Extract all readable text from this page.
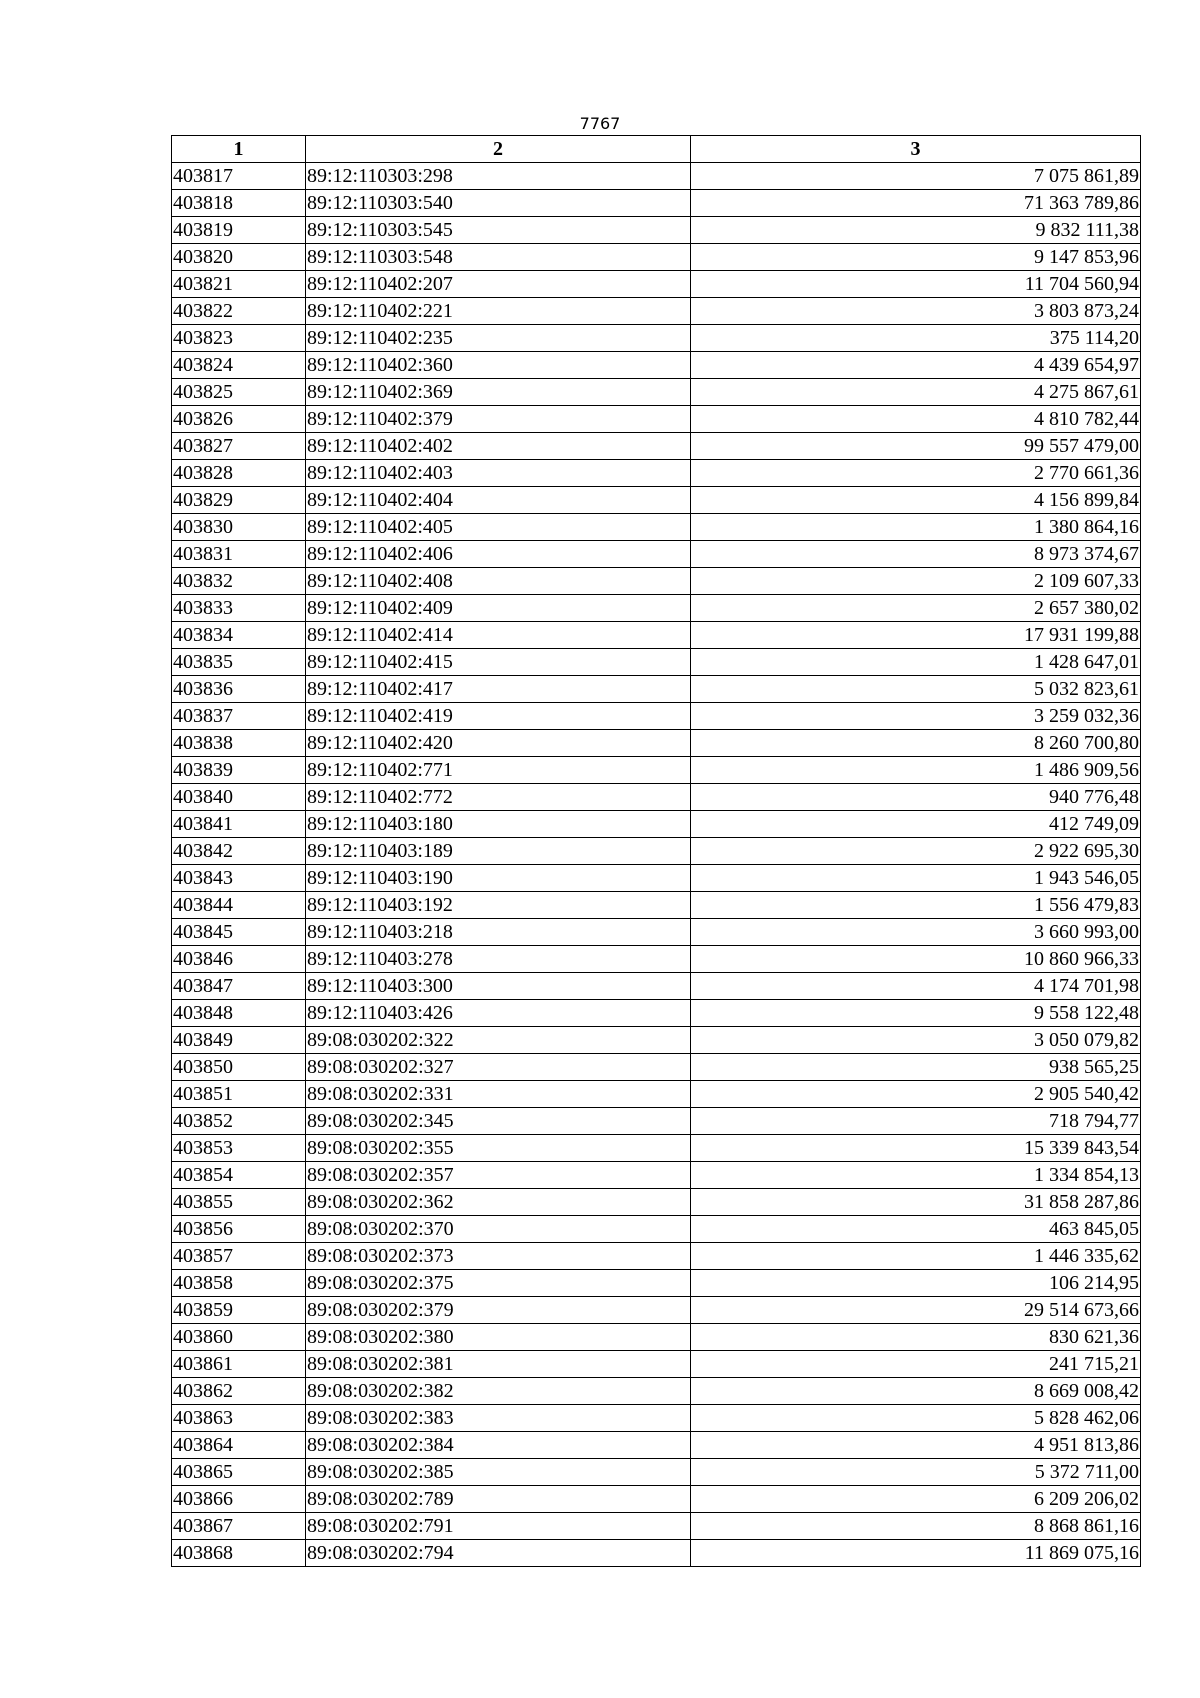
7767
1	2	3
403817	89:12:110303:298	7 075 861,89
403818	89:12:110303:540	71 363 789,86
403819	89:12:110303:545	9 832 111,38
403820	89:12:110303:548	9 147 853,96
403821	89:12:110402:207	11 704 560,94
403822	89:12:110402:221	3 803 873,24
403823	89:12:110402:235	375 114,20
403824	89:12:110402:360	4 439 654,97
403825	89:12:110402:369	4 275 867,61
403826	89:12:110402:379	4 810 782,44
403827	89:12:110402:402	99 557 479,00
403828	89:12:110402:403	2 770 661,36
403829	89:12:110402:404	4 156 899,84
403830	89:12:110402:405	1 380 864,16
403831	89:12:110402:406	8 973 374,67
403832	89:12:110402:408	2 109 607,33
403833	89:12:110402:409	2 657 380,02
403834	89:12:110402:414	17 931 199,88
403835	89:12:110402:415	1 428 647,01
403836	89:12:110402:417	5 032 823,61
403837	89:12:110402:419	3 259 032,36
403838	89:12:110402:420	8 260 700,80
403839	89:12:110402:771	1 486 909,56
403840	89:12:110402:772	940 776,48
403841	89:12:110403:180	412 749,09
403842	89:12:110403:189	2 922 695,30
403843	89:12:110403:190	1 943 546,05
403844	89:12:110403:192	1 556 479,83
403845	89:12:110403:218	3 660 993,00
403846	89:12:110403:278	10 860 966,33
403847	89:12:110403:300	4 174 701,98
403848	89:12:110403:426	9 558 122,48
403849	89:08:030202:322	3 050 079,82
403850	89:08:030202:327	938 565,25
403851	89:08:030202:331	2 905 540,42
403852	89:08:030202:345	718 794,77
403853	89:08:030202:355	15 339 843,54
403854	89:08:030202:357	1 334 854,13
403855	89:08:030202:362	31 858 287,86
403856	89:08:030202:370	463 845,05
403857	89:08:030202:373	1 446 335,62
403858	89:08:030202:375	106 214,95
403859	89:08:030202:379	29 514 673,66
403860	89:08:030202:380	830 621,36
403861	89:08:030202:381	241 715,21
403862	89:08:030202:382	8 669 008,42
403863	89:08:030202:383	5 828 462,06
403864	89:08:030202:384	4 951 813,86
403865	89:08:030202:385	5 372 711,00
403866	89:08:030202:789	6 209 206,02
403867	89:08:030202:791	8 868 861,16
403868	89:08:030202:794	11 869 075,16
